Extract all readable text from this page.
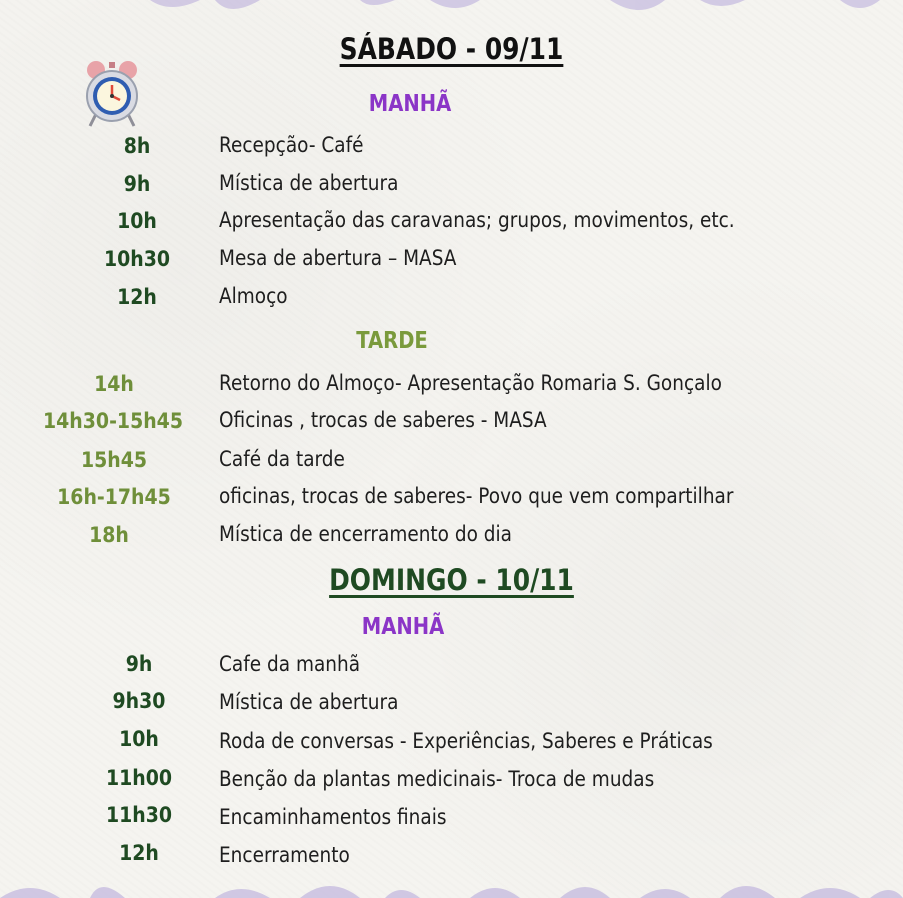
SÁBADO - 09/11
MANHÃ
8h	Recepção- Café
9h	Mística de abertura
10h	Apresentação das caravanas; grupos, movimentos, etc.
10h30 Mesa de abertura – MASA
12h	Almoço
TARDE
14h	Retorno do Almoço- Apresentação Romaria S. Gonçalo
14h30-15h45	Oficinas , trocas de saberes - MASA
15h45	Café da tarde
16h-17h45	oficinas, trocas de saberes- Povo que vem compartilhar
18h	Mística de encerramento do dia
DOMINGO - 10/11
MANHÃ
9h	Cafe da manhã
9h30	Mística de abertura
10h	Roda de conversas - Experiências, Saberes e Práticas
11h00	Benção da plantas medicinais- Troca de mudas
11h30	Encaminhamentos finais
12h	Encerramento
